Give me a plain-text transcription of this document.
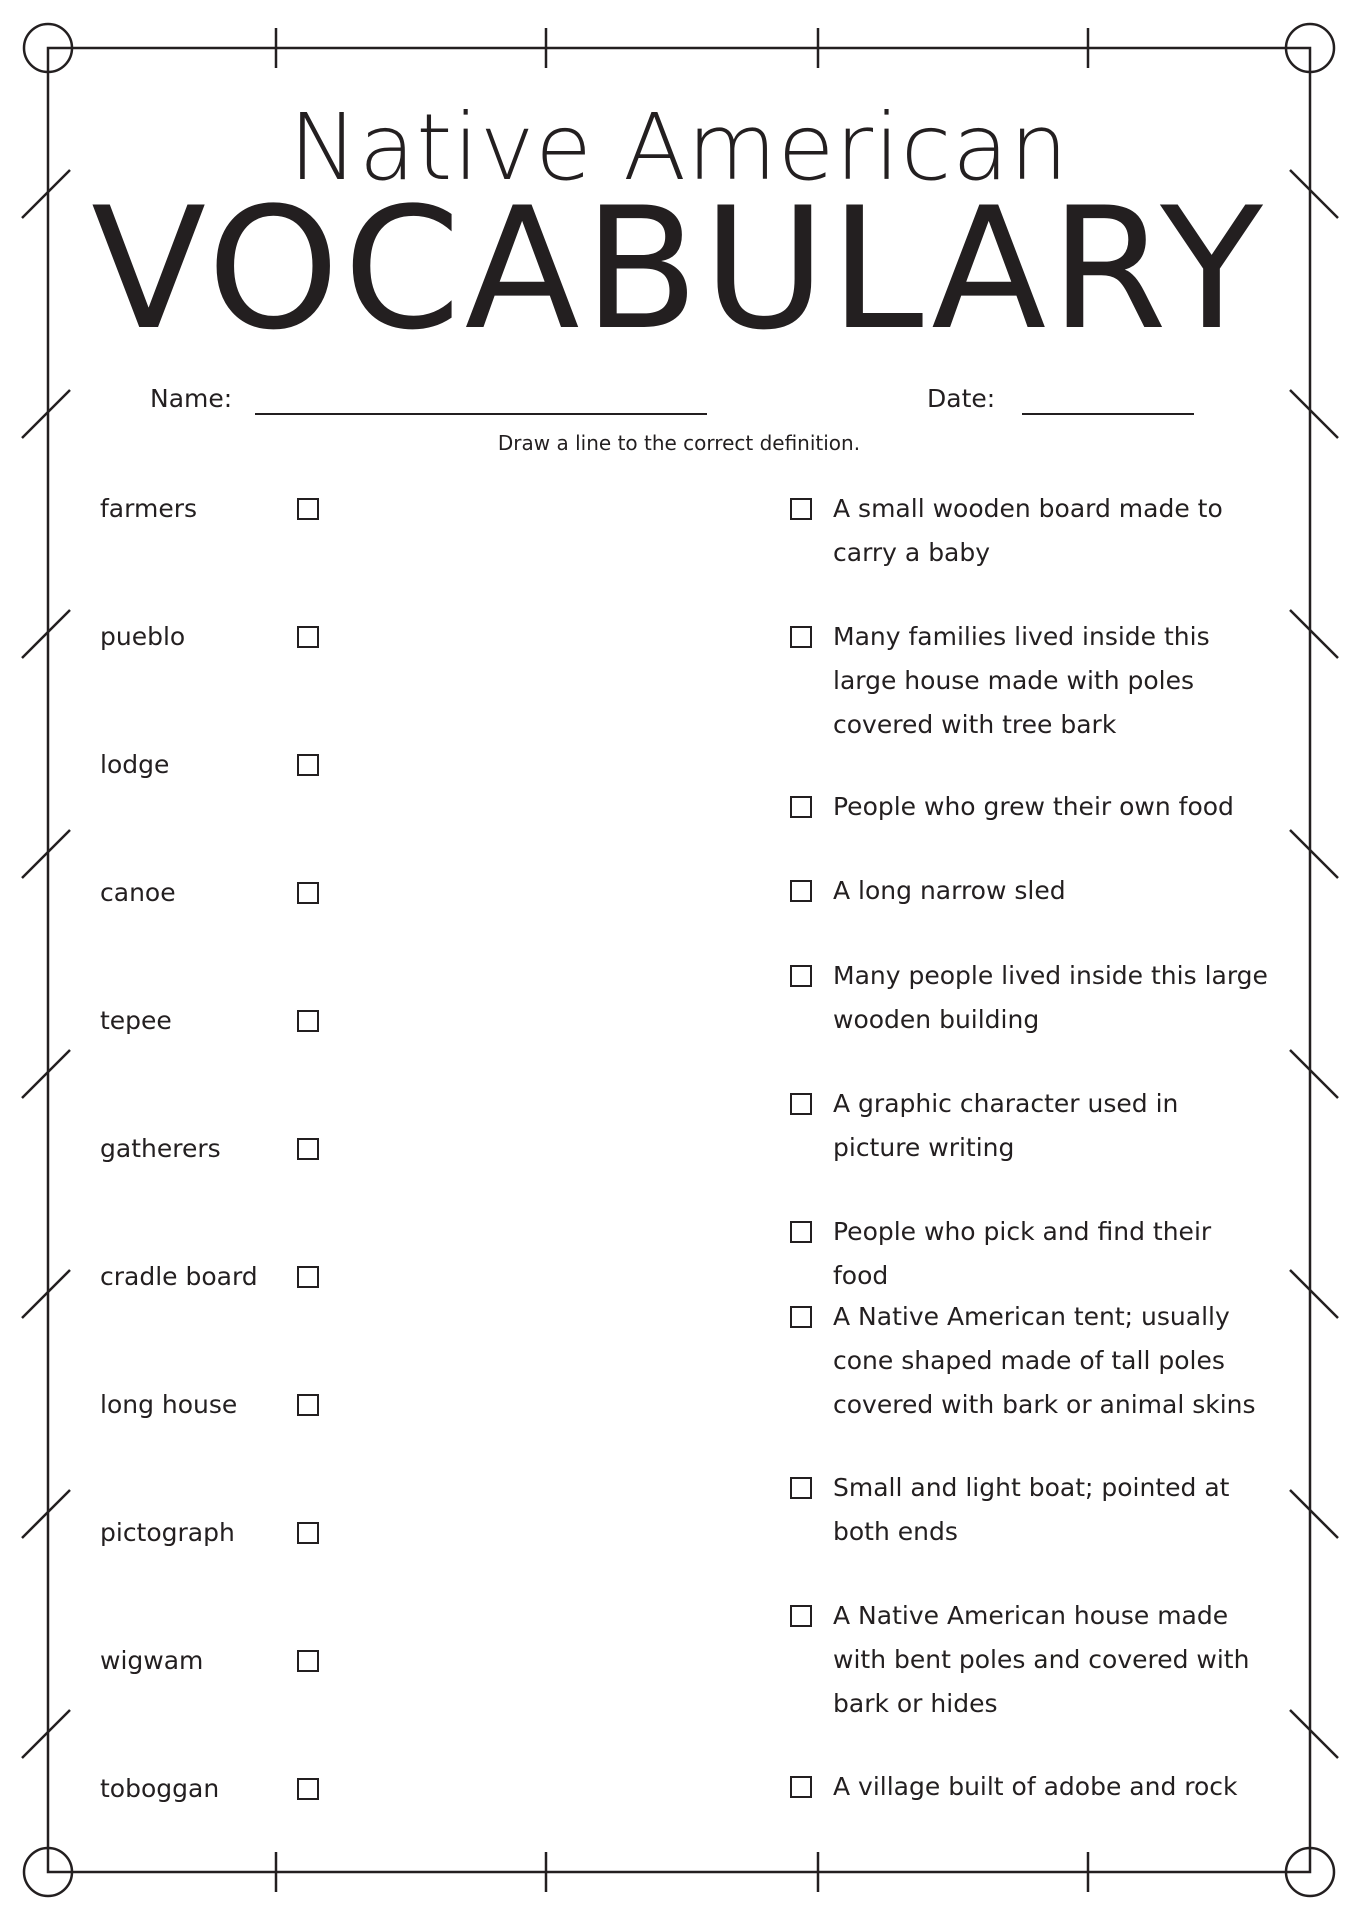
Native American
VOCABULARY
Name:	Date:
Draw a line to the correct definition.
farmers
pueblo
lodge
canoe
tepee
gatherers
cradle board
long house
pictograph
wigwam
toboggan
A small wooden board made to carry a baby
Many families lived inside this large house made with poles covered with tree bark
People who grew their own food
A long narrow sled
Many people lived inside this large wooden building
A graphic character used in picture writing
People who pick and find their food
A Native American tent; usually cone shaped made of tall poles covered with bark or animal skins
Small and light boat; pointed at both ends
A Native American house made with bent poles and covered with bark or hides
A village built of adobe and rock
